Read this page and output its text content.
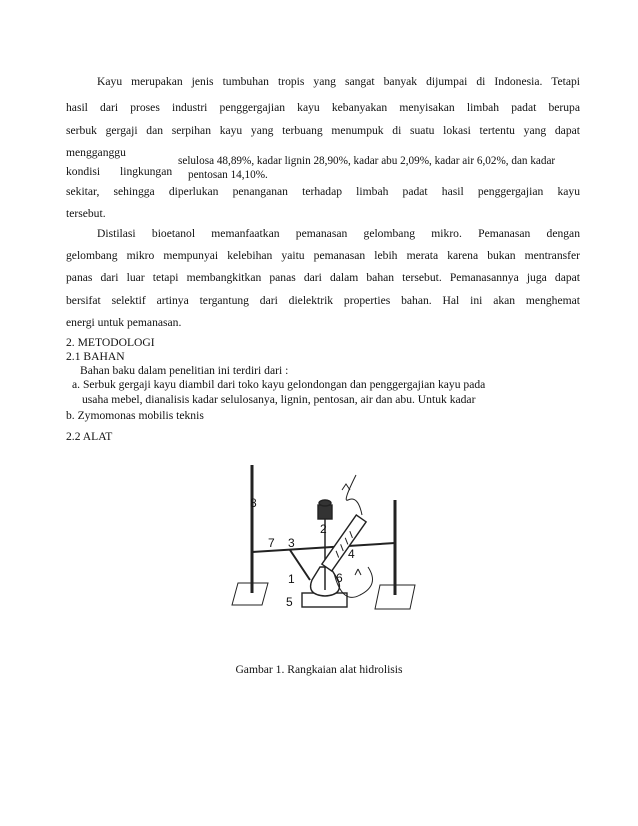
Kayu merupakan jenis tumbuhan tropis yang sangat banyak dijumpai di Indonesia. Tetapi
hasil dari proses industri penggergajian kayu kebanyakan menyisakan limbah padat berupa
serbuk gergaji dan serpihan kayu yang terbuang menumpuk di suatu lokasi tertentu yang dapat
mengganggu
kondisi lingkungan
selulosa 48,89%, kadar lignin 28,90%, kadar abu 2,09%, kadar air 6,02%, dan kadar
pentosan 14,10%.
sekitar, sehingga diperlukan penanganan terhadap limbah padat hasil penggergajian kayu
tersebut.
Distilasi bioetanol memanfaatkan pemanasan gelombang mikro. Pemanasan dengan
gelombang mikro mempunyai kelebihan yaitu pemanasan lebih merata karena bukan mentransfer
panas dari luar tetapi membangkitkan panas dari dalam bahan tersebut. Pemanasannya juga dapat
bersifat selektif artinya tergantung dari dielektrik properties bahan. Hal ini akan menghemat
energi untuk pemanasan.
2. METODOLOGI
2.1 BAHAN
Bahan baku dalam penelitian ini terdiri dari :
a. Serbuk gergaji kayu diambil dari toko kayu gelondongan dan penggergajian kayu pada
usaha mebel, dianalisis kadar selulosanya, lignin, pentosan, air dan abu. Untuk kadar
b. Zymomonas mobilis teknis
2.2 ALAT
8
2
3
7
4
1	6
5
Gambar 1. Rangkaian alat hidrolisis
